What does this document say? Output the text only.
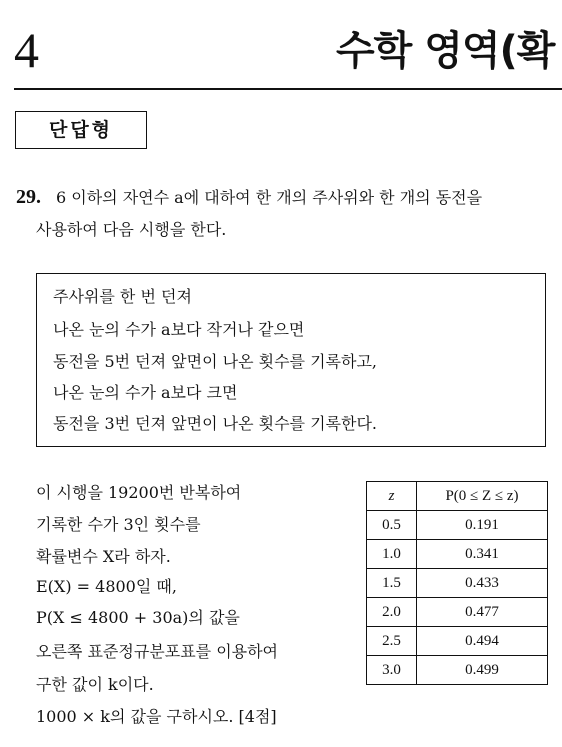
4	수학 영역(확
단답형
29. 6 이하의 자연수 a에 대하여 한 개의 주사위와 한 개의 동전을
사용하여 다음 시행을 한다.
주사위를 한 번 던져
나온 눈의 수가 a보다 작거나 같으면
동전을 5번 던져 앞면이 나온 횟수를 기록하고,
나온 눈의 수가 a보다 크면
동전을 3번 던져 앞면이 나온 횟수를 기록한다.
이 시행을 19200번 반복하여
기록한 수가 3인 횟수를
확률변수 X라 하자.
E(X) = 4800일 때,
P(X ≤ 4800 + 30a)의 값을
오른쪽 표준정규분포표를 이용하여
구한 값이 k이다.
1000 × k의 값을 구하시오. [4점]
z	P(0 ≤ Z ≤ z)
0.5	0.191
1.0	0.341
1.5	0.433
2.0	0.477
2.5	0.494
3.0	0.499
